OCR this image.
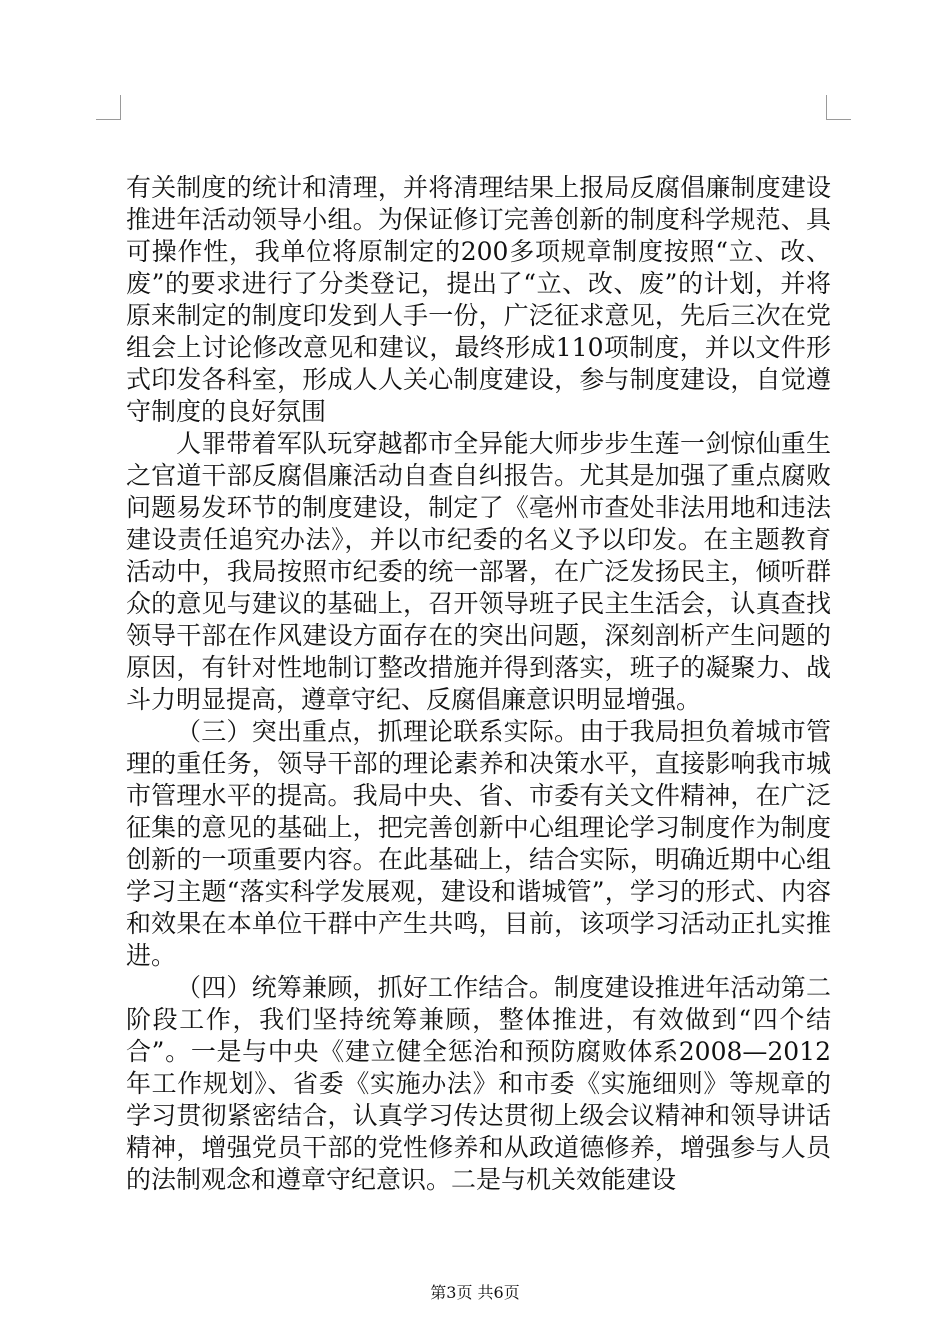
有关制度的统计和清理，并将清理结果上报局反腐倡廉制度建设推进年活动领导小组。为保证修订完善创新的制度科学规范、具可操作性，我单位将原制定的200多项规章制度按照“立、改、废”的要求进行了分类登记，提出了“立、改、废”的计划，并将原来制定的制度印发到人手一份，广泛征求意见，先后三次在党组会上讨论修改意见和建议，最终形成110项制度，并以文件形式印发各科室，形成人人关心制度建设，参与制度建设，自觉遵守制度的良好氛围

人罪带着军队玩穿越都市全异能大师步步生莲一剑惊仙重生之官道干部反腐倡廉活动自查自纠报告。尤其是加强了重点腐败问题易发环节的制度建设，制定了《亳州市查处非法用地和违法建设责任追究办法》，并以市纪委的名义予以印发。在主题教育活动中，我局按照市纪委的统一部署，在广泛发扬民主，倾听群众的意见与建议的基础上，召开领导班子民主生活会，认真查找领导干部在作风建设方面存在的突出问题，深刻剖析产生问题的原因，有针对性地制订整改措施并得到落实，班子的凝聚力、战斗力明显提高，遵章守纪、反腐倡廉意识明显增强。

（三）突出重点，抓理论联系实际。由于我局担负着城市管理的重任务，领导干部的理论素养和决策水平，直接影响我市城市管理水平的提高。我局中央、省、市委有关文件精神，在广泛征集的意见的基础上，把完善创新中心组理论学习制度作为制度创新的一项重要内容。在此基础上，结合实际，明确近期中心组学习主题“落实科学发展观，建设和谐城管”，学习的形式、内容和效果在本单位干群中产生共鸣，目前，该项学习活动正扎实推进。

（四）统筹兼顾，抓好工作结合。制度建设推进年活动第二阶段工作，我们坚持统筹兼顾，整体推进，有效做到“四个结合”。一是与中央《建立健全惩治和预防腐败体系2008—2012年工作规划》、省委《实施办法》和市委《实施细则》等规章的学习贯彻紧密结合，认真学习传达贯彻上级会议精神和领导讲话精神，增强党员干部的党性修养和从政道德修养，增强参与人员的法制观念和遵章守纪意识。二是与机关效能建设

第3页 共6页
